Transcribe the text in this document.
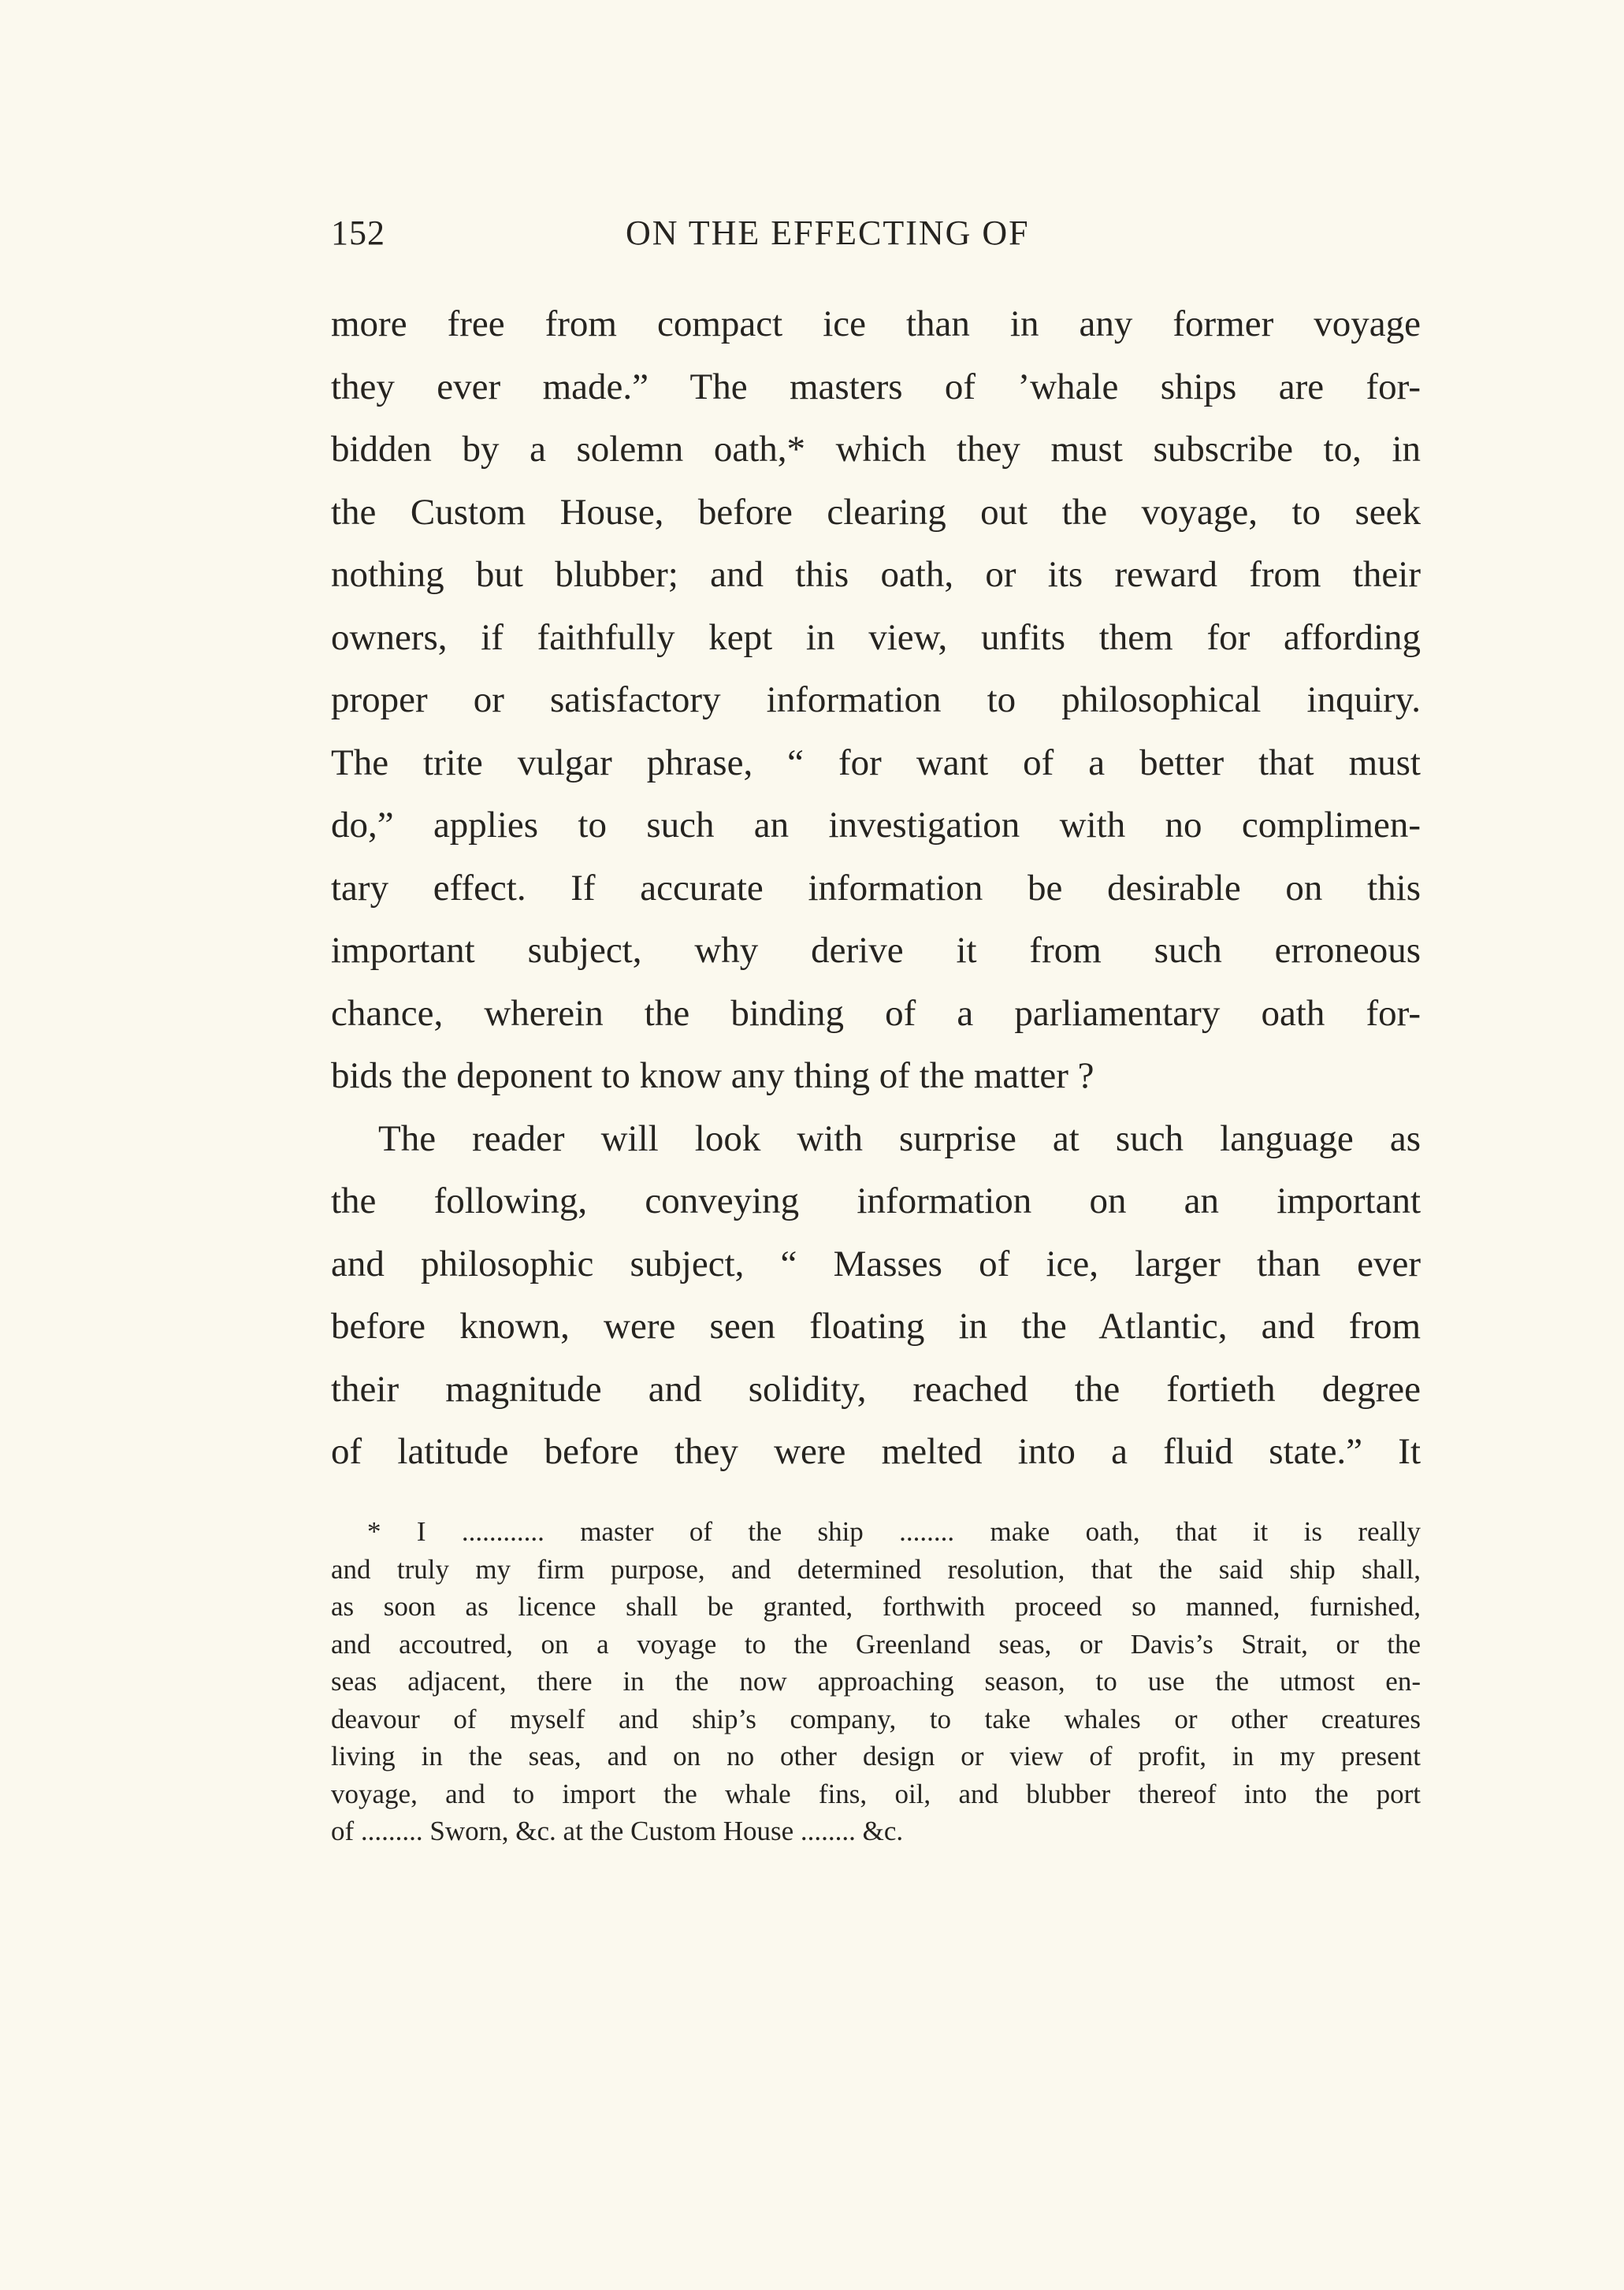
152	ON THE EFFECTING OF
more free from compact ice than in any former voyage
they ever made.” The masters of ’whale ships are for-
bidden by a solemn oath,* which they must subscribe to, in
the Custom House, before clearing out the voyage, to seek
nothing but blubber; and this oath, or its reward from their
owners, if faithfully kept in view, unfits them for affording
proper or satisfactory information to philosophical inquiry.
The trite vulgar phrase, “ for want of a better that must
do,” applies to such an investigation with no complimen-
tary effect. If accurate information be desirable on this
important subject, why derive it from such erroneous
chance, wherein the binding of a parliamentary oath for-
bids the deponent to know any thing of the matter ?
The reader will look with surprise at such language as
the following, conveying information on an important
and philosophic subject, “ Masses of ice, larger than ever
before known, were seen floating in the Atlantic, and from
their magnitude and solidity, reached the fortieth degree
of latitude before they were melted into a fluid state.” It
* I ............ master of the ship ........ make oath, that it is really
and truly my firm purpose, and determined resolution, that the said ship shall,
as soon as licence shall be granted, forthwith proceed so manned, furnished,
and accoutred, on a voyage to the Greenland seas, or Davis’s Strait, or the
seas adjacent, there in the now approaching season, to use the utmost en-
deavour of myself and ship’s company, to take whales or other creatures
living in the seas, and on no other design or view of profit, in my present
voyage, and to import the whale fins, oil, and blubber thereof into the port
of ......... Sworn, &c. at the Custom House ........ &c.
